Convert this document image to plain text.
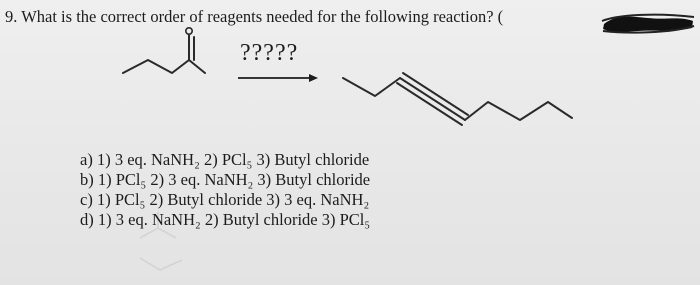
9. What is the correct order of reagents needed for the following reaction? (
?????
a) 1) 3 eq. NaNH₂ 2) PCl₅ 3) Butyl chloride
b) 1) PCl₅ 2) 3 eq. NaNH₂ 3) Butyl chloride
c) 1) PCl₅ 2) Butyl chloride 3) 3 eq. NaNH₂
d) 1) 3 eq. NaNH₂ 2) Butyl chloride 3) PCl₅
